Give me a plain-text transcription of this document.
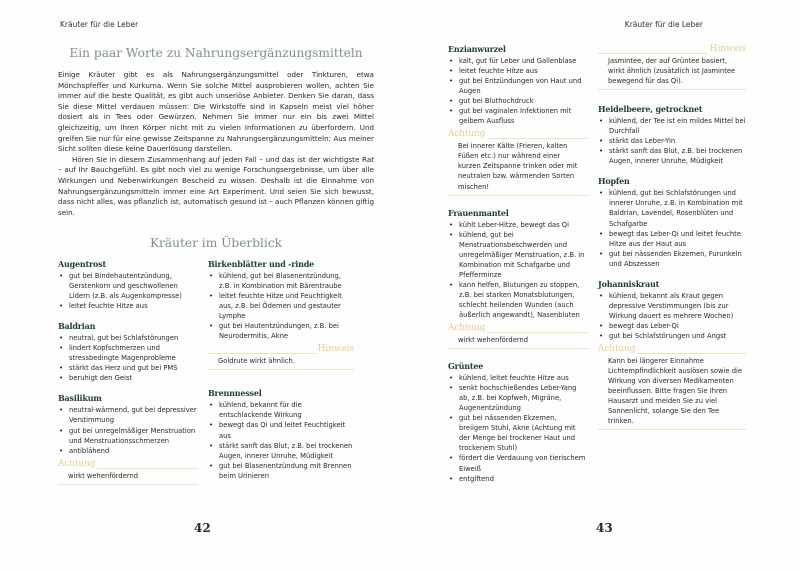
Kräuter für die Leber
Ein paar Worte zu Nahrungsergänzungsmitteln

Einige Kräuter gibt es als Nahrungsergänzungsmittel oder Tinkturen, etwa Mönchspfeffer und Kurkuma. Wenn Sie solche Mittel ausprobieren wollen, achten Sie immer auf die beste Qualität, es gibt auch unseriöse Anbieter. Denken Sie daran, dass Sie diese Mittel verdauen müssen: Die Wirkstoffe sind in Kapseln meist viel höher dosiert als in Tees oder Gewürzen. Nehmen Sie immer nur ein bis zwei Mittel gleichzeitig, um Ihren Körper nicht mit zu vielen Informationen zu überfordern. Und greifen Sie nur für eine gewisse Zeitspanne zu Nahrungsergänzungsmitteln: Aus meiner Sicht sollten diese keine Dauerlösung darstellen.

Hören Sie in diesem Zusammenhang auf jeden Fall – und das ist der wichtigste Rat – auf Ihr Bauchgefühl. Es gibt noch viel zu wenige Forschungsergebnisse, um über alle Wirkungen und Nebenwirkungen Bescheid zu wissen. Deshalb ist die Einnahme von Nahrungsergänzungsmitteln immer eine Art Experiment. Und seien Sie sich bewusst, dass nicht alles, was pflanzlich ist, automatisch gesund ist – auch Pflanzen können giftig sein.

Kräuter im Überblick
Augentrost
• gut bei Bindehautentzündung, Gerstenkorn und geschwollenen Lidern (z.B. als Augenkompresse)
• leitet feuchte Hitze aus
Baldrian
• neutral, gut bei Schlafstörungen
• lindert Kopfschmerzen und stressbedingte Magenprobleme
• stärkt das Herz und gut bei PMS
• beruhigt den Geist
Basilikum
• neutral-wärmend, gut bei depressiver Verstimmung
• gut bei unregelmäßiger Menstruation und Menstruationsschmerzen
• antiblähend
Achtung
wirkt wehenfördernd
Birkenblätter und -rinde
• kühlend, gut bei Blasenentzündung, z.B. in Kombination mit Bärentraube
• leitet feuchte Hitze und Feuchtigkeit aus, z.B. bei Ödemen und gestauter Lymphe
• gut bei Hautentzündungen, z.B. bei Neurodermitis, Akne
Hinweis
Goldrute wirkt ähnlich.
Brennnessel
• kühlend, bekannt für die entschlackende Wirkung
• bewegt das Qi und leitet Feuchtigkeit aus
• stärkt sanft das Blut, z.B. bei trockenen Augen, innerer Unruhe, Müdigkeit
• gut bei Blasenentzündung mit Brennen beim Urinieren
42
Kräuter für die Leber
Enzianwurzel
• kalt, gut für Leber und Gallenblase
• leitet feuchte Hitze aus
• gut bei Entzündungen von Haut und Augen
• gut bei Bluthochdruck
• gut bei vaginalen Infektionen mit gelbem Ausfluss
Achtung
Bei innerer Kälte (Frieren, kalten Füßen etc.) nur während einer kurzen Zeitspanne trinken oder mit neutralen bzw. wärmenden Sorten mischen!
Frauenmantel
• kühlt Leber-Hitze, bewegt das Qi
• kühlend, gut bei Menstruationsbeschwerden und unregelmäßiger Menstruation, z.B. in Kombination mit Schafgarbe und Pfefferminze
• kann helfen, Blutungen zu stoppen, z.B. bei starken Monatsblutungen, schlecht heilenden Wunden (auch äußerlich angewandt), Nasenbluten
Achtung
wirkt wehenfördernd
Grüntee
• kühlend, leitet feuchte Hitze aus
• senkt hochschießendes Leber-Yang ab, z.B. bei Kopfweh, Migräne, Augenentzündung
• gut bei nässenden Ekzemen, breiigem Stuhl, Akne (Achtung mit der Menge bei trockener Haut und trockenem Stuhl)
• fördert die Verdauung von tierischem Eiweiß
• entgiftend
Hinweis
Jasmintee, der auf Grüntee basiert, wirkt ähnlich (zusätzlich ist Jasmintee bewegend für das Qi).
Heidelbeere, getrocknet
• kühlend, der Tee ist ein mildes Mittel bei Durchfall
• stärkt das Leber-Yin
• stärkt sanft das Blut, z.B. bei trockenen Augen, innerer Unruhe, Müdigkeit
Hopfen
• kühlend, gut bei Schlafstörungen und innerer Unruhe, z.B. in Kombination mit Baldrian, Lavendel, Rosenblüten und Schafgarbe
• bewegt das Leber-Qi und leitet feuchte Hitze aus der Haut aus
• gut bei nässenden Ekzemen, Furunkeln und Abszessen
Johanniskraut
• kühlend, bekannt als Kraut gegen depressive Verstimmungen (bis zur Wirkung dauert es mehrere Wochen)
• bewegt das Leber-Qi
• gut bei Schlafstörungen und Angst
Achtung
Kann bei längerer Einnahme Lichtempfindlichkeit auslösen sowie die Wirkung von diversen Medikamenten beeinflussen. Bitte fragen Sie Ihren Hausarzt und meiden Sie zu viel Sonnenlicht, solange Sie den Tee trinken.
43
